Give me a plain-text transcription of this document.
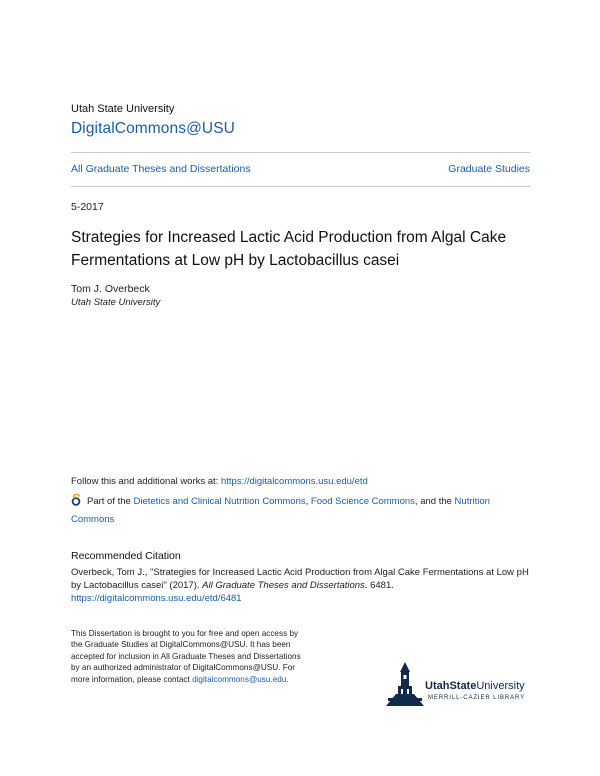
Utah State University
DigitalCommons@USU
All Graduate Theses and Dissertations	Graduate Studies
5-2017
Strategies for Increased Lactic Acid Production from Algal Cake Fermentations at Low pH by Lactobacillus casei
Tom J. Overbeck
Utah State University
Follow this and additional works at: https://digitalcommons.usu.edu/etd
Part of the Dietetics and Clinical Nutrition Commons, Food Science Commons, and the Nutrition Commons
Recommended Citation
Overbeck, Tom J., "Strategies for Increased Lactic Acid Production from Algal Cake Fermentations at Low pH by Lactobacillus casei" (2017). All Graduate Theses and Dissertations. 6481.
https://digitalcommons.usu.edu/etd/6481
This Dissertation is brought to you for free and open access by the Graduate Studies at DigitalCommons@USU. It has been accepted for inclusion in All Graduate Theses and Dissertations by an authorized administrator of DigitalCommons@USU. For more information, please contact digitalcommons@usu.edu.
UtahStateUniversity
MERRILL-CAZIER LIBRARY
